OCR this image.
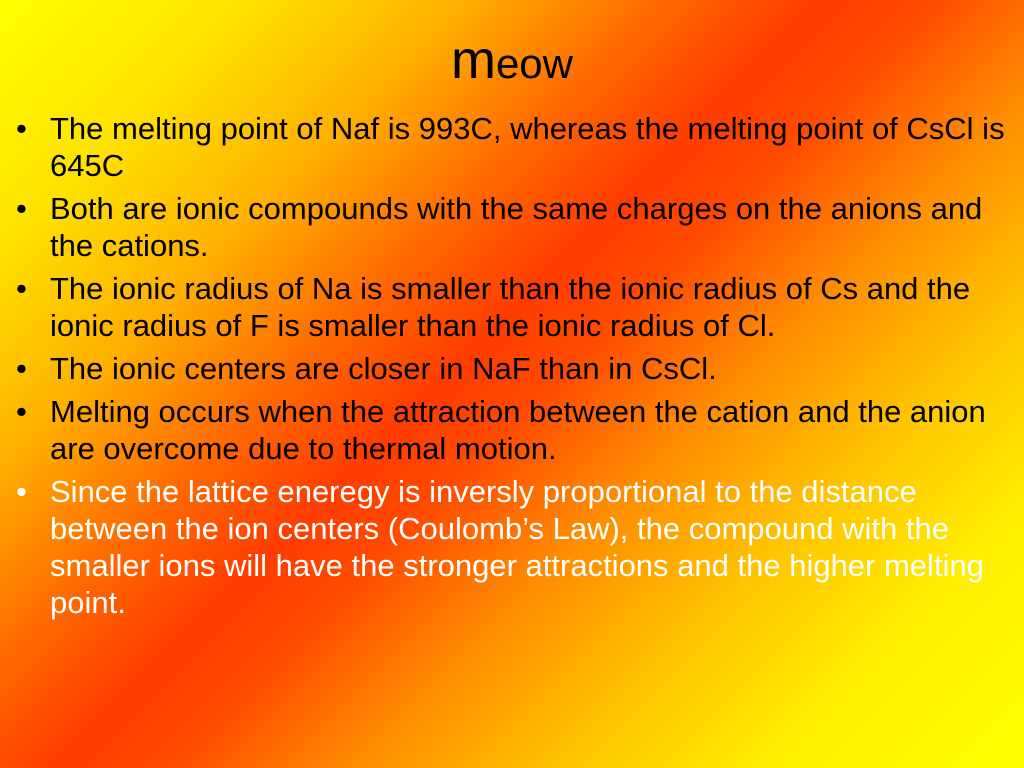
meow
• The melting point of Naf is 993C, whereas the melting point of CsCl is 645C
• Both are ionic compounds with the same charges on the anions and the cations.
• The ionic radius of Na is smaller than the ionic radius of Cs and the ionic radius of F is smaller than the ionic radius of Cl.
• The ionic centers are closer in NaF than in CsCl.
• Melting occurs when the attraction between the cation and the anion are overcome due to thermal motion.
• Since the lattice eneregy is inversly proportional to the distance between the ion centers (Coulomb’s Law), the compound with the smaller ions will have the stronger attractions and the higher melting point.
